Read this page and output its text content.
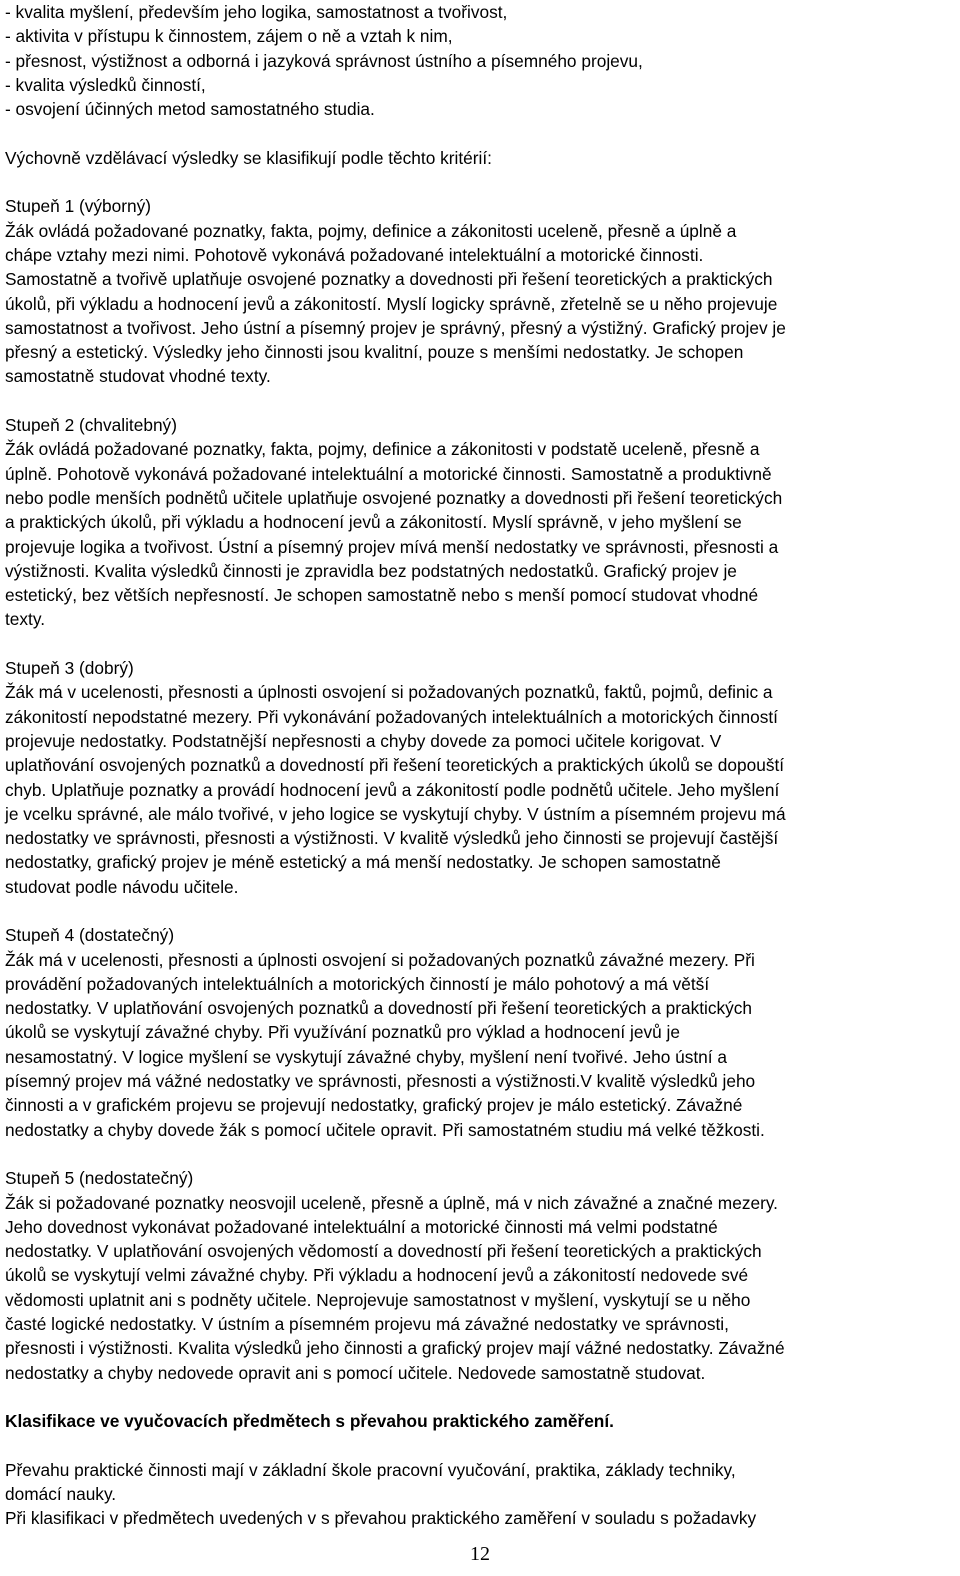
- kvalita myšlení, především jeho logika, samostatnost a tvořivost,
- aktivita v přístupu k činnostem, zájem o ně a vztah k nim,
- přesnost, výstižnost a odborná i jazyková správnost ústního a písemného projevu,
- kvalita výsledků činností,
- osvojení účinných metod samostatného studia.
Výchovně vzdělávací výsledky se klasifikují podle těchto kritérií:
Stupeň 1 (výborný)
Žák ovládá požadované poznatky, fakta, pojmy, definice a zákonitosti uceleně, přesně a úplně a
chápe vztahy mezi nimi. Pohotově vykonává požadované intelektuální a motorické činnosti.
Samostatně a tvořivě uplatňuje osvojené poznatky a dovednosti při řešení teoretických a praktických
úkolů, při výkladu a hodnocení jevů a zákonitostí. Myslí logicky správně, zřetelně se u něho projevuje
samostatnost a tvořivost. Jeho ústní a písemný projev je správný, přesný a výstižný. Grafický projev je
přesný a estetický. Výsledky jeho činnosti jsou kvalitní, pouze s menšími nedostatky. Je schopen
samostatně studovat vhodné texty.
Stupeň 2 (chvalitebný)
Žák ovládá požadované poznatky, fakta, pojmy, definice a zákonitosti v podstatě uceleně, přesně a
úplně. Pohotově vykonává požadované intelektuální a motorické činnosti. Samostatně a produktivně
nebo podle menších podnětů učitele uplatňuje osvojené poznatky a dovednosti při řešení teoretických
a praktických úkolů, při výkladu a hodnocení jevů a zákonitostí. Myslí správně, v jeho myšlení se
projevuje logika a tvořivost. Ústní a písemný projev mívá menší nedostatky ve správnosti, přesnosti a
výstižnosti. Kvalita výsledků činnosti je zpravidla bez podstatných nedostatků. Grafický projev je
estetický, bez větších nepřesností. Je schopen samostatně nebo s menší pomocí studovat vhodné
texty.
Stupeň 3 (dobrý)
Žák má v ucelenosti, přesnosti a úplnosti osvojení si požadovaných poznatků, faktů, pojmů, definic a
zákonitostí nepodstatné mezery. Při vykonávání požadovaných intelektuálních a motorických činností
projevuje nedostatky. Podstatnější nepřesnosti a chyby dovede za pomoci učitele korigovat. V
uplatňování osvojených poznatků a dovedností při řešení teoretických a praktických úkolů se dopouští
chyb. Uplatňuje poznatky a provádí hodnocení jevů a zákonitostí podle podnětů učitele. Jeho myšlení
je vcelku správné, ale málo tvořivé, v jeho logice se vyskytují chyby. V ústním a písemném projevu má
nedostatky ve správnosti, přesnosti a výstižnosti. V kvalitě výsledků jeho činnosti se projevují častější
nedostatky, grafický projev je méně estetický a má menší nedostatky. Je schopen samostatně
studovat podle návodu učitele.
Stupeň 4 (dostatečný)
Žák má v ucelenosti, přesnosti a úplnosti osvojení si požadovaných poznatků závažné mezery. Při
provádění požadovaných intelektuálních a motorických činností je málo pohotový a má větší
nedostatky. V uplatňování osvojených poznatků a dovedností při řešení teoretických a praktických
úkolů se vyskytují závažné chyby. Při využívání poznatků pro výklad a hodnocení jevů je
nesamostatný. V logice myšlení se vyskytují závažné chyby, myšlení není tvořivé. Jeho ústní a
písemný projev má vážné nedostatky ve správnosti, přesnosti a výstižnosti.V kvalitě výsledků jeho
činnosti a v grafickém projevu se projevují nedostatky, grafický projev je málo estetický. Závažné
nedostatky a chyby dovede žák s pomocí učitele opravit. Při samostatném studiu má velké těžkosti.
Stupeň 5 (nedostatečný)
Žák si požadované poznatky neosvojil uceleně, přesně a úplně, má v nich závažné a značné mezery.
Jeho dovednost vykonávat požadované intelektuální a motorické činnosti má velmi podstatné
nedostatky. V uplatňování osvojených vědomostí a dovedností při řešení teoretických a praktických
úkolů se vyskytují velmi závažné chyby. Při výkladu a hodnocení jevů a zákonitostí nedovede své
vědomosti uplatnit ani s podněty učitele. Neprojevuje samostatnost v myšlení, vyskytují se u něho
časté logické nedostatky. V ústním a písemném projevu má závažné nedostatky ve správnosti,
přesnosti i výstižnosti. Kvalita výsledků jeho činnosti a grafický projev mají vážné nedostatky. Závažné
nedostatky a chyby nedovede opravit ani s pomocí učitele. Nedovede samostatně studovat.
Klasifikace ve vyučovacích předmětech s převahou praktického zaměření.
Převahu praktické činnosti mají v základní škole pracovní vyučování, praktika, základy techniky,
domácí nauky.
Při klasifikaci v předmětech uvedených v s převahou praktického zaměření v souladu s požadavky
12
